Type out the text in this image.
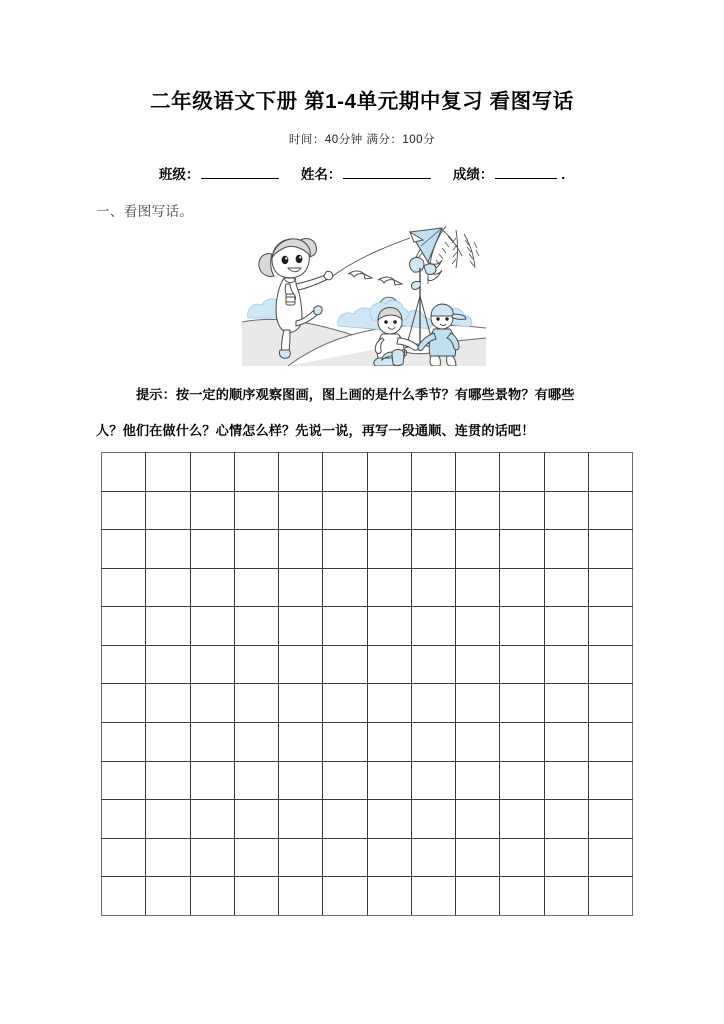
二年级语文下册 第1-4单元期中复习 看图写话
时间：40分钟 满分：100分
班级：	姓名：	成绩：	.
一、看图写话。
提示：按一定的顺序观察图画，图上画的是什么季节？有哪些景物？有哪些
人？他们在做什么？心情怎么样？先说一说，再写一段通顺、连贯的话吧！
